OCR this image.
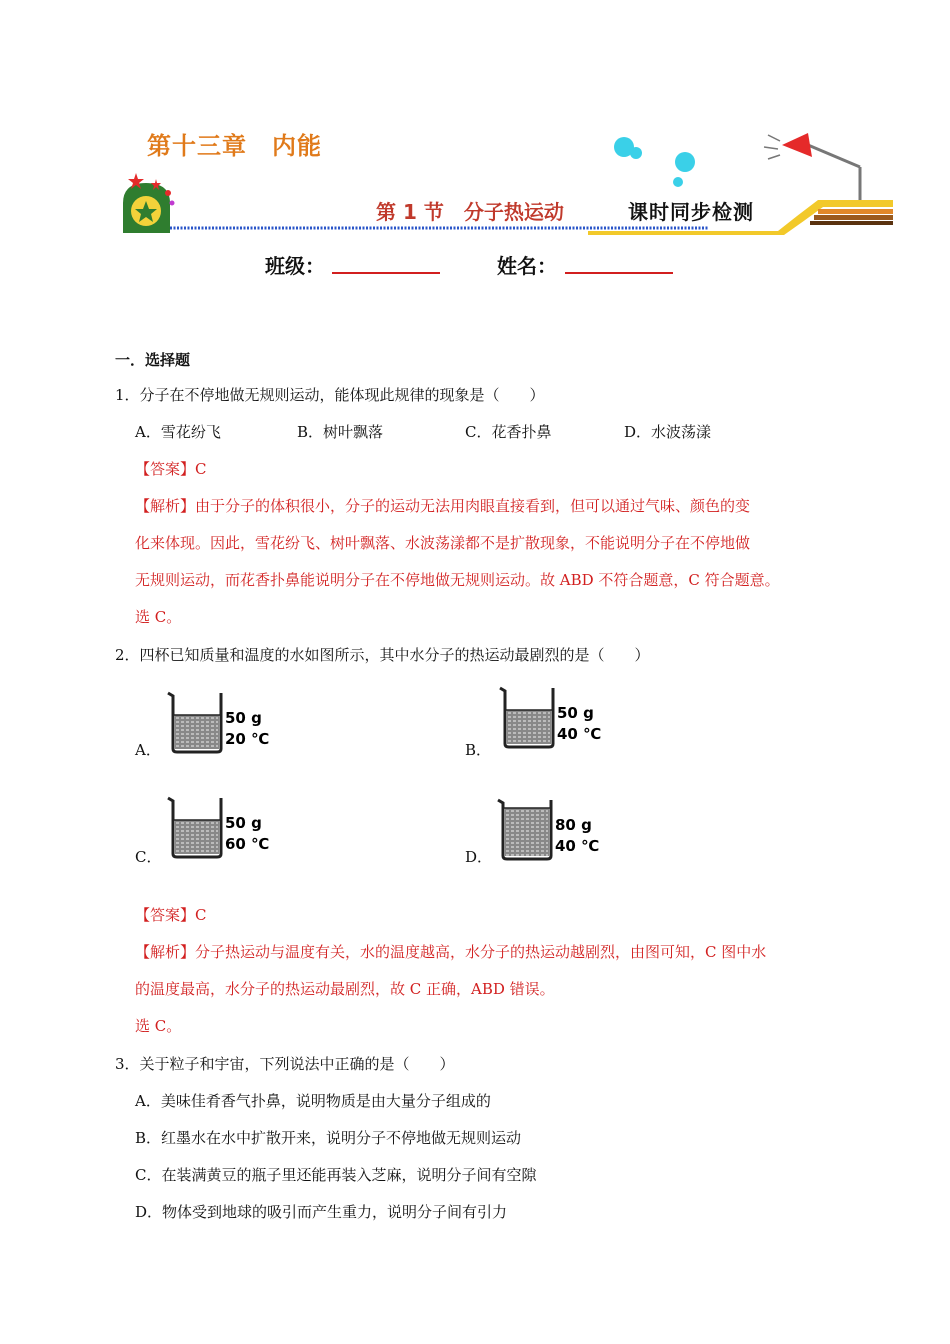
第十三章　内能
第 1 节　分子热运动	课时同步检测
班级：	姓名：
一．选择题
1．分子在不停地做无规则运动，能体现此规律的现象是（　　）
A．雪花纷飞	B．树叶飘落	C．花香扑鼻	D．水波荡漾
【答案】C
【解析】由于分子的体积很小，分子的运动无法用肉眼直接看到，但可以通过气味、颜色的变
化来体现。因此，雪花纷飞、树叶飘落、水波荡漾都不是扩散现象，不能说明分子在不停地做
无规则运动，而花香扑鼻能说明分子在不停地做无规则运动。故 ABD 不符合题意，C 符合题意。
选 C。
2．四杯已知质量和温度的水如图所示，其中水分子的热运动最剧烈的是（　　）
A．	B．
C．	D．
50 g
20 ℃
50 g
40 ℃
50 g
60 ℃
80 g
40 ℃
【答案】C
【解析】分子热运动与温度有关，水的温度越高，水分子的热运动越剧烈，由图可知，C 图中水
的温度最高，水分子的热运动最剧烈，故 C 正确，ABD 错误。
选 C。
3．关于粒子和宇宙，下列说法中正确的是（　　）
A．美味佳肴香气扑鼻，说明物质是由大量分子组成的
B．红墨水在水中扩散开来，说明分子不停地做无规则运动
C．在装满黄豆的瓶子里还能再装入芝麻，说明分子间有空隙
D．物体受到地球的吸引而产生重力，说明分子间有引力
